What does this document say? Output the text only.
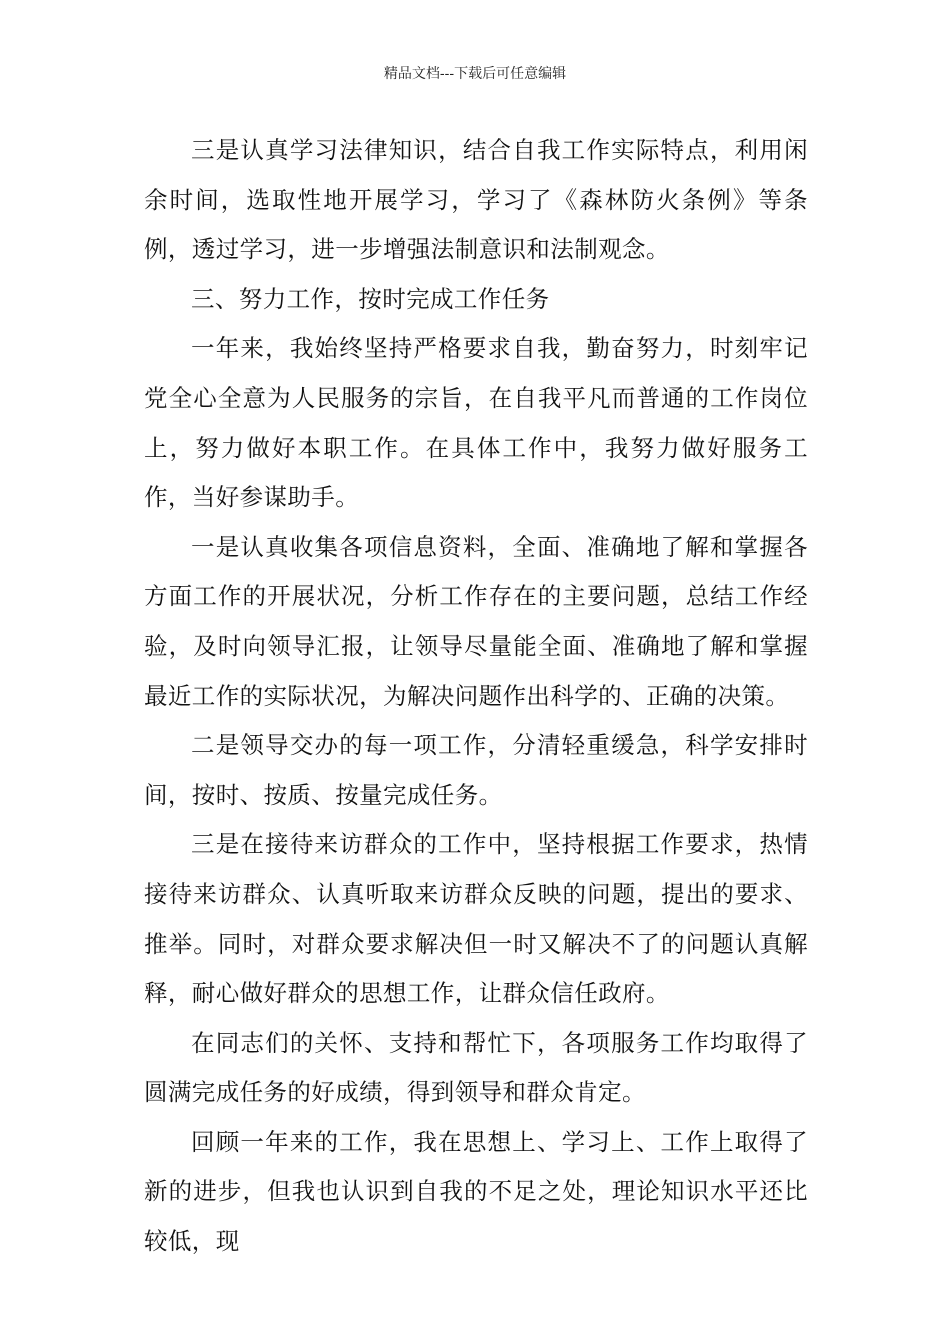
精品文档---下载后可任意编辑

三是认真学习法律知识，结合自我工作实际特点，利用闲余时间，选取性地开展学习，学习了《森林防火条例》等条例，透过学习，进一步增强法制意识和法制观念。

三、努力工作，按时完成工作任务

一年来，我始终坚持严格要求自我，勤奋努力，时刻牢记党全心全意为人民服务的宗旨，在自我平凡而普通的工作岗位上，努力做好本职工作。在具体工作中，我努力做好服务工作，当好参谋助手。

一是认真收集各项信息资料，全面、准确地了解和掌握各方面工作的开展状况，分析工作存在的主要问题，总结工作经验，及时向领导汇报，让领导尽量能全面、准确地了解和掌握最近工作的实际状况，为解决问题作出科学的、正确的决策。

二是领导交办的每一项工作，分清轻重缓急，科学安排时间，按时、按质、按量完成任务。

三是在接待来访群众的工作中，坚持根据工作要求，热情接待来访群众、认真听取来访群众反映的问题，提出的要求、推举。同时，对群众要求解决但一时又解决不了的问题认真解释，耐心做好群众的思想工作，让群众信任政府。

在同志们的关怀、支持和帮忙下，各项服务工作均取得了圆满完成任务的好成绩，得到领导和群众肯定。

回顾一年来的工作，我在思想上、学习上、工作上取得了新的进步，但我也认识到自我的不足之处，理论知识水平还比较低，现
